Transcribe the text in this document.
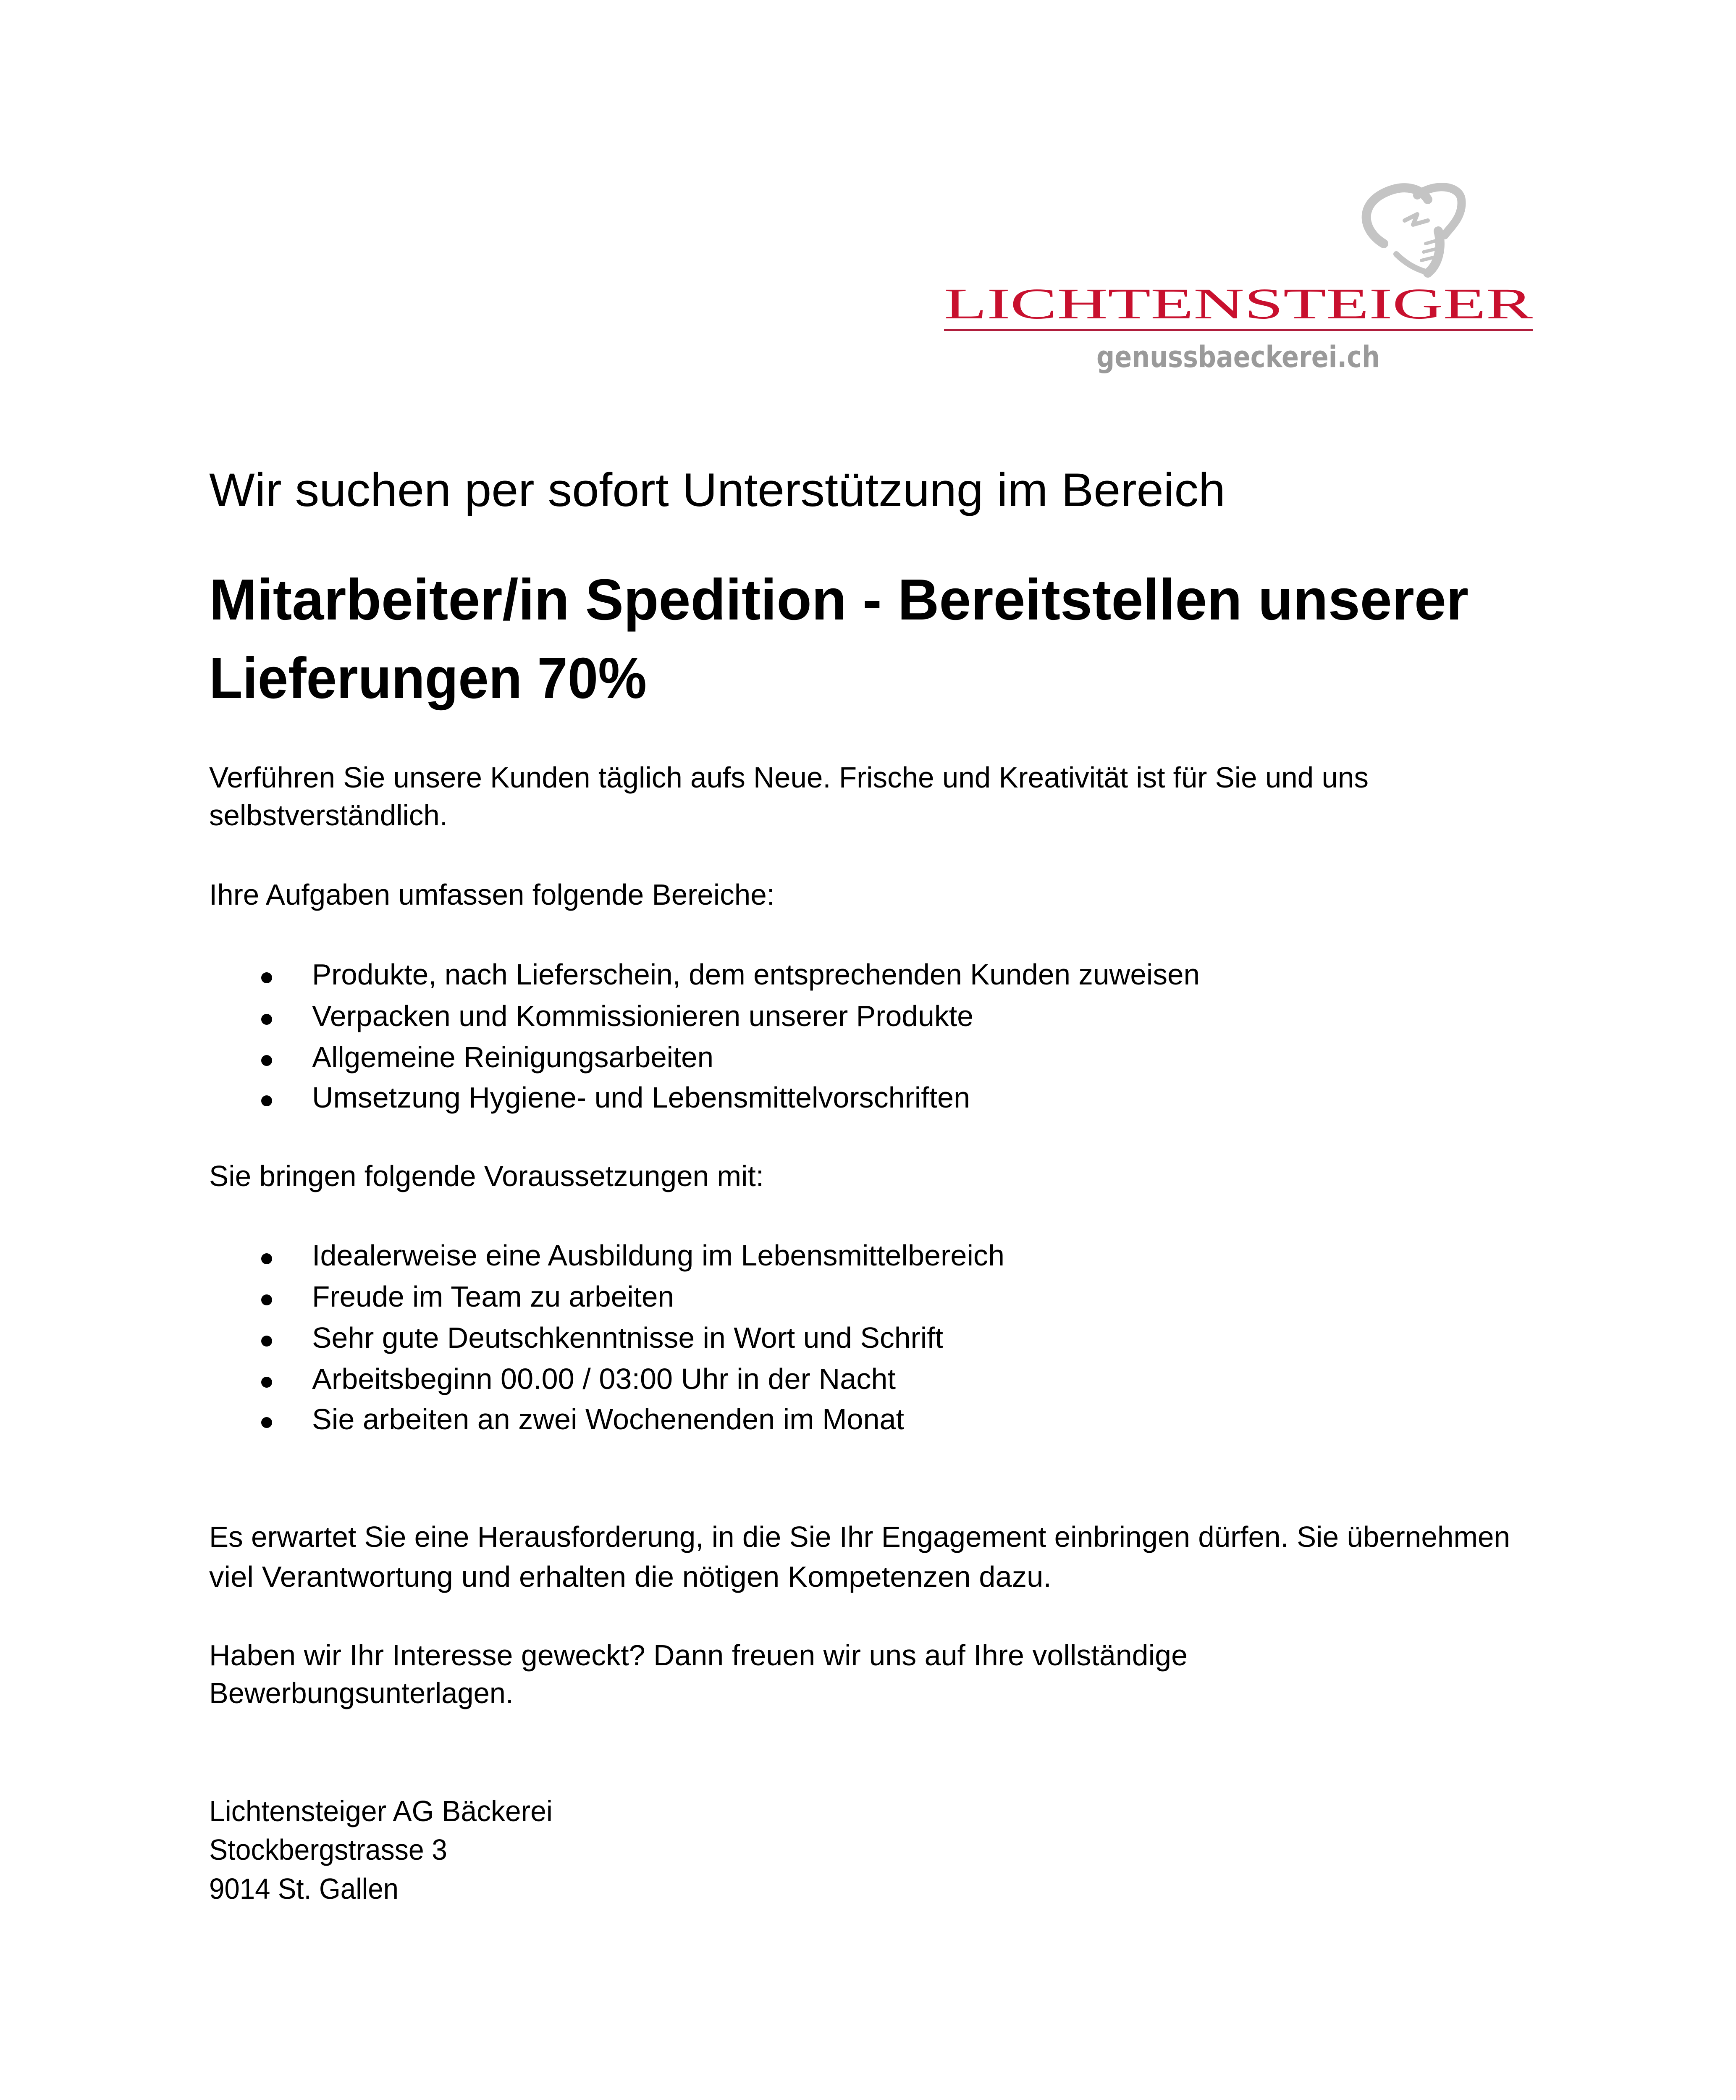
LICHTENSTEIGER
genussbaeckerei.ch
Wir suchen per sofort Unterstützung im Bereich
Mitarbeiter/in Spedition - Bereitstellen unserer
Lieferungen 70%

Verführen Sie unsere Kunden täglich aufs Neue. Frische und Kreativität ist für Sie und uns

selbstverständlich.

Ihre Aufgaben umfassen folgende Bereiche:

Produkte, nach Lieferschein, dem entsprechenden Kunden zuweisen
Verpacken und Kommissionieren unserer Produkte
Allgemeine Reinigungsarbeiten
Umsetzung Hygiene- und Lebensmittelvorschriften

Sie bringen folgende Voraussetzungen mit:

Idealerweise eine Ausbildung im Lebensmittelbereich
Freude im Team zu arbeiten
Sehr gute Deutschkenntnisse in Wort und Schrift
Arbeitsbeginn 00.00 / 03:00 Uhr in der Nacht
Sie arbeiten an zwei Wochenenden im Monat

Es erwartet Sie eine Herausforderung, in die Sie Ihr Engagement einbringen dürfen. Sie übernehmen

viel Verantwortung und erhalten die nötigen Kompetenzen dazu.

Haben wir Ihr Interesse geweckt? Dann freuen wir uns auf Ihre vollständige

Bewerbungsunterlagen.

Lichtensteiger AG Bäckerei

Stockbergstrasse 3

9014 St. Gallen
